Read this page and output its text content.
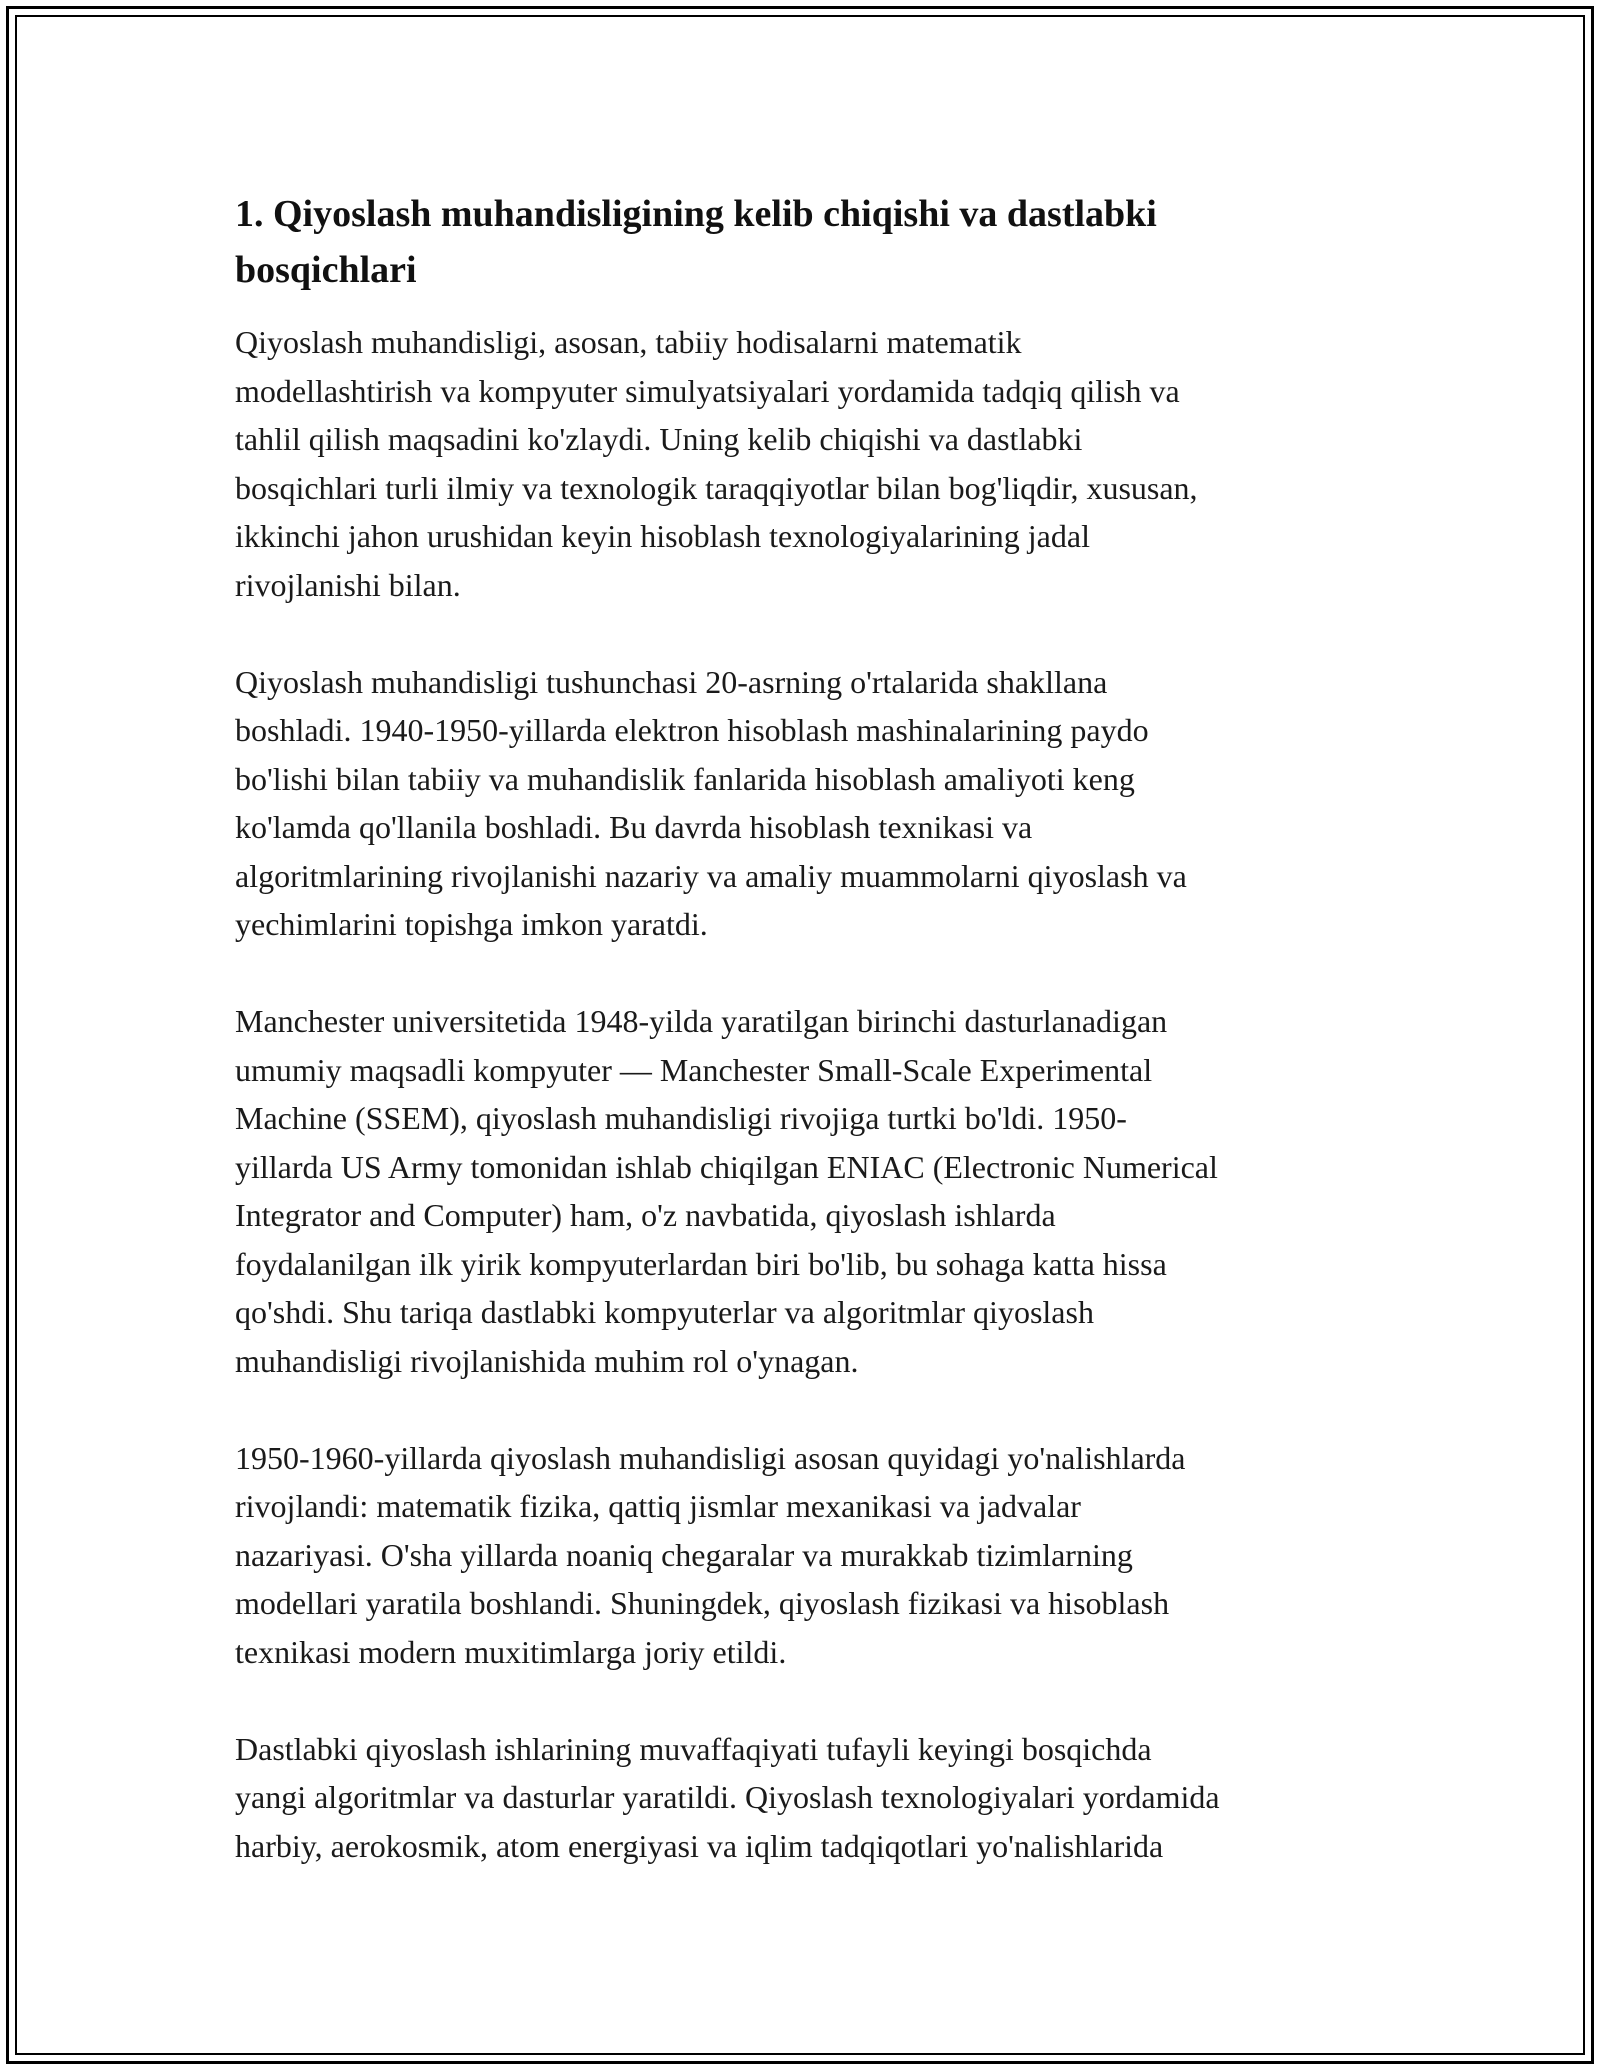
1. Qiyoslash muhandisligining kelib chiqishi va dastlabki
bosqichlari

Qiyoslash muhandisligi, asosan, tabiiy hodisalarni matematik
modellashtirish va kompyuter simulyatsiyalari yordamida tadqiq qilish va
tahlil qilish maqsadini ko'zlaydi. Uning kelib chiqishi va dastlabki
bosqichlari turli ilmiy va texnologik taraqqiyotlar bilan bog'liqdir, xususan,
ikkinchi jahon urushidan keyin hisoblash texnologiyalarining jadal
rivojlanishi bilan.

Qiyoslash muhandisligi tushunchasi 20-asrning o'rtalarida shakllana
boshladi. 1940-1950-yillarda elektron hisoblash mashinalarining paydo
bo'lishi bilan tabiiy va muhandislik fanlarida hisoblash amaliyoti keng
ko'lamda qo'llanila boshladi. Bu davrda hisoblash texnikasi va
algoritmlarining rivojlanishi nazariy va amaliy muammolarni qiyoslash va
yechimlarini topishga imkon yaratdi.

Manchester universitetida 1948-yilda yaratilgan birinchi dasturlanadigan
umumiy maqsadli kompyuter — Manchester Small-Scale Experimental
Machine (SSEM), qiyoslash muhandisligi rivojiga turtki bo'ldi. 1950-
yillarda US Army tomonidan ishlab chiqilgan ENIAC (Electronic Numerical
Integrator and Computer) ham, o'z navbatida, qiyoslash ishlarda
foydalanilgan ilk yirik kompyuterlardan biri bo'lib, bu sohaga katta hissa
qo'shdi. Shu tariqa dastlabki kompyuterlar va algoritmlar qiyoslash
muhandisligi rivojlanishida muhim rol o'ynagan.

1950-1960-yillarda qiyoslash muhandisligi asosan quyidagi yo'nalishlarda
rivojlandi: matematik fizika, qattiq jismlar mexanikasi va jadvalar
nazariyasi. O'sha yillarda noaniq chegaralar va murakkab tizimlarning
modellari yaratila boshlandi. Shuningdek, qiyoslash fizikasi va hisoblash
texnikasi modern muxitimlarga joriy etildi.

Dastlabki qiyoslash ishlarining muvaffaqiyati tufayli keyingi bosqichda
yangi algoritmlar va dasturlar yaratildi. Qiyoslash texnologiyalari yordamida
harbiy, aerokosmik, atom energiyasi va iqlim tadqiqotlari yo'nalishlarida
